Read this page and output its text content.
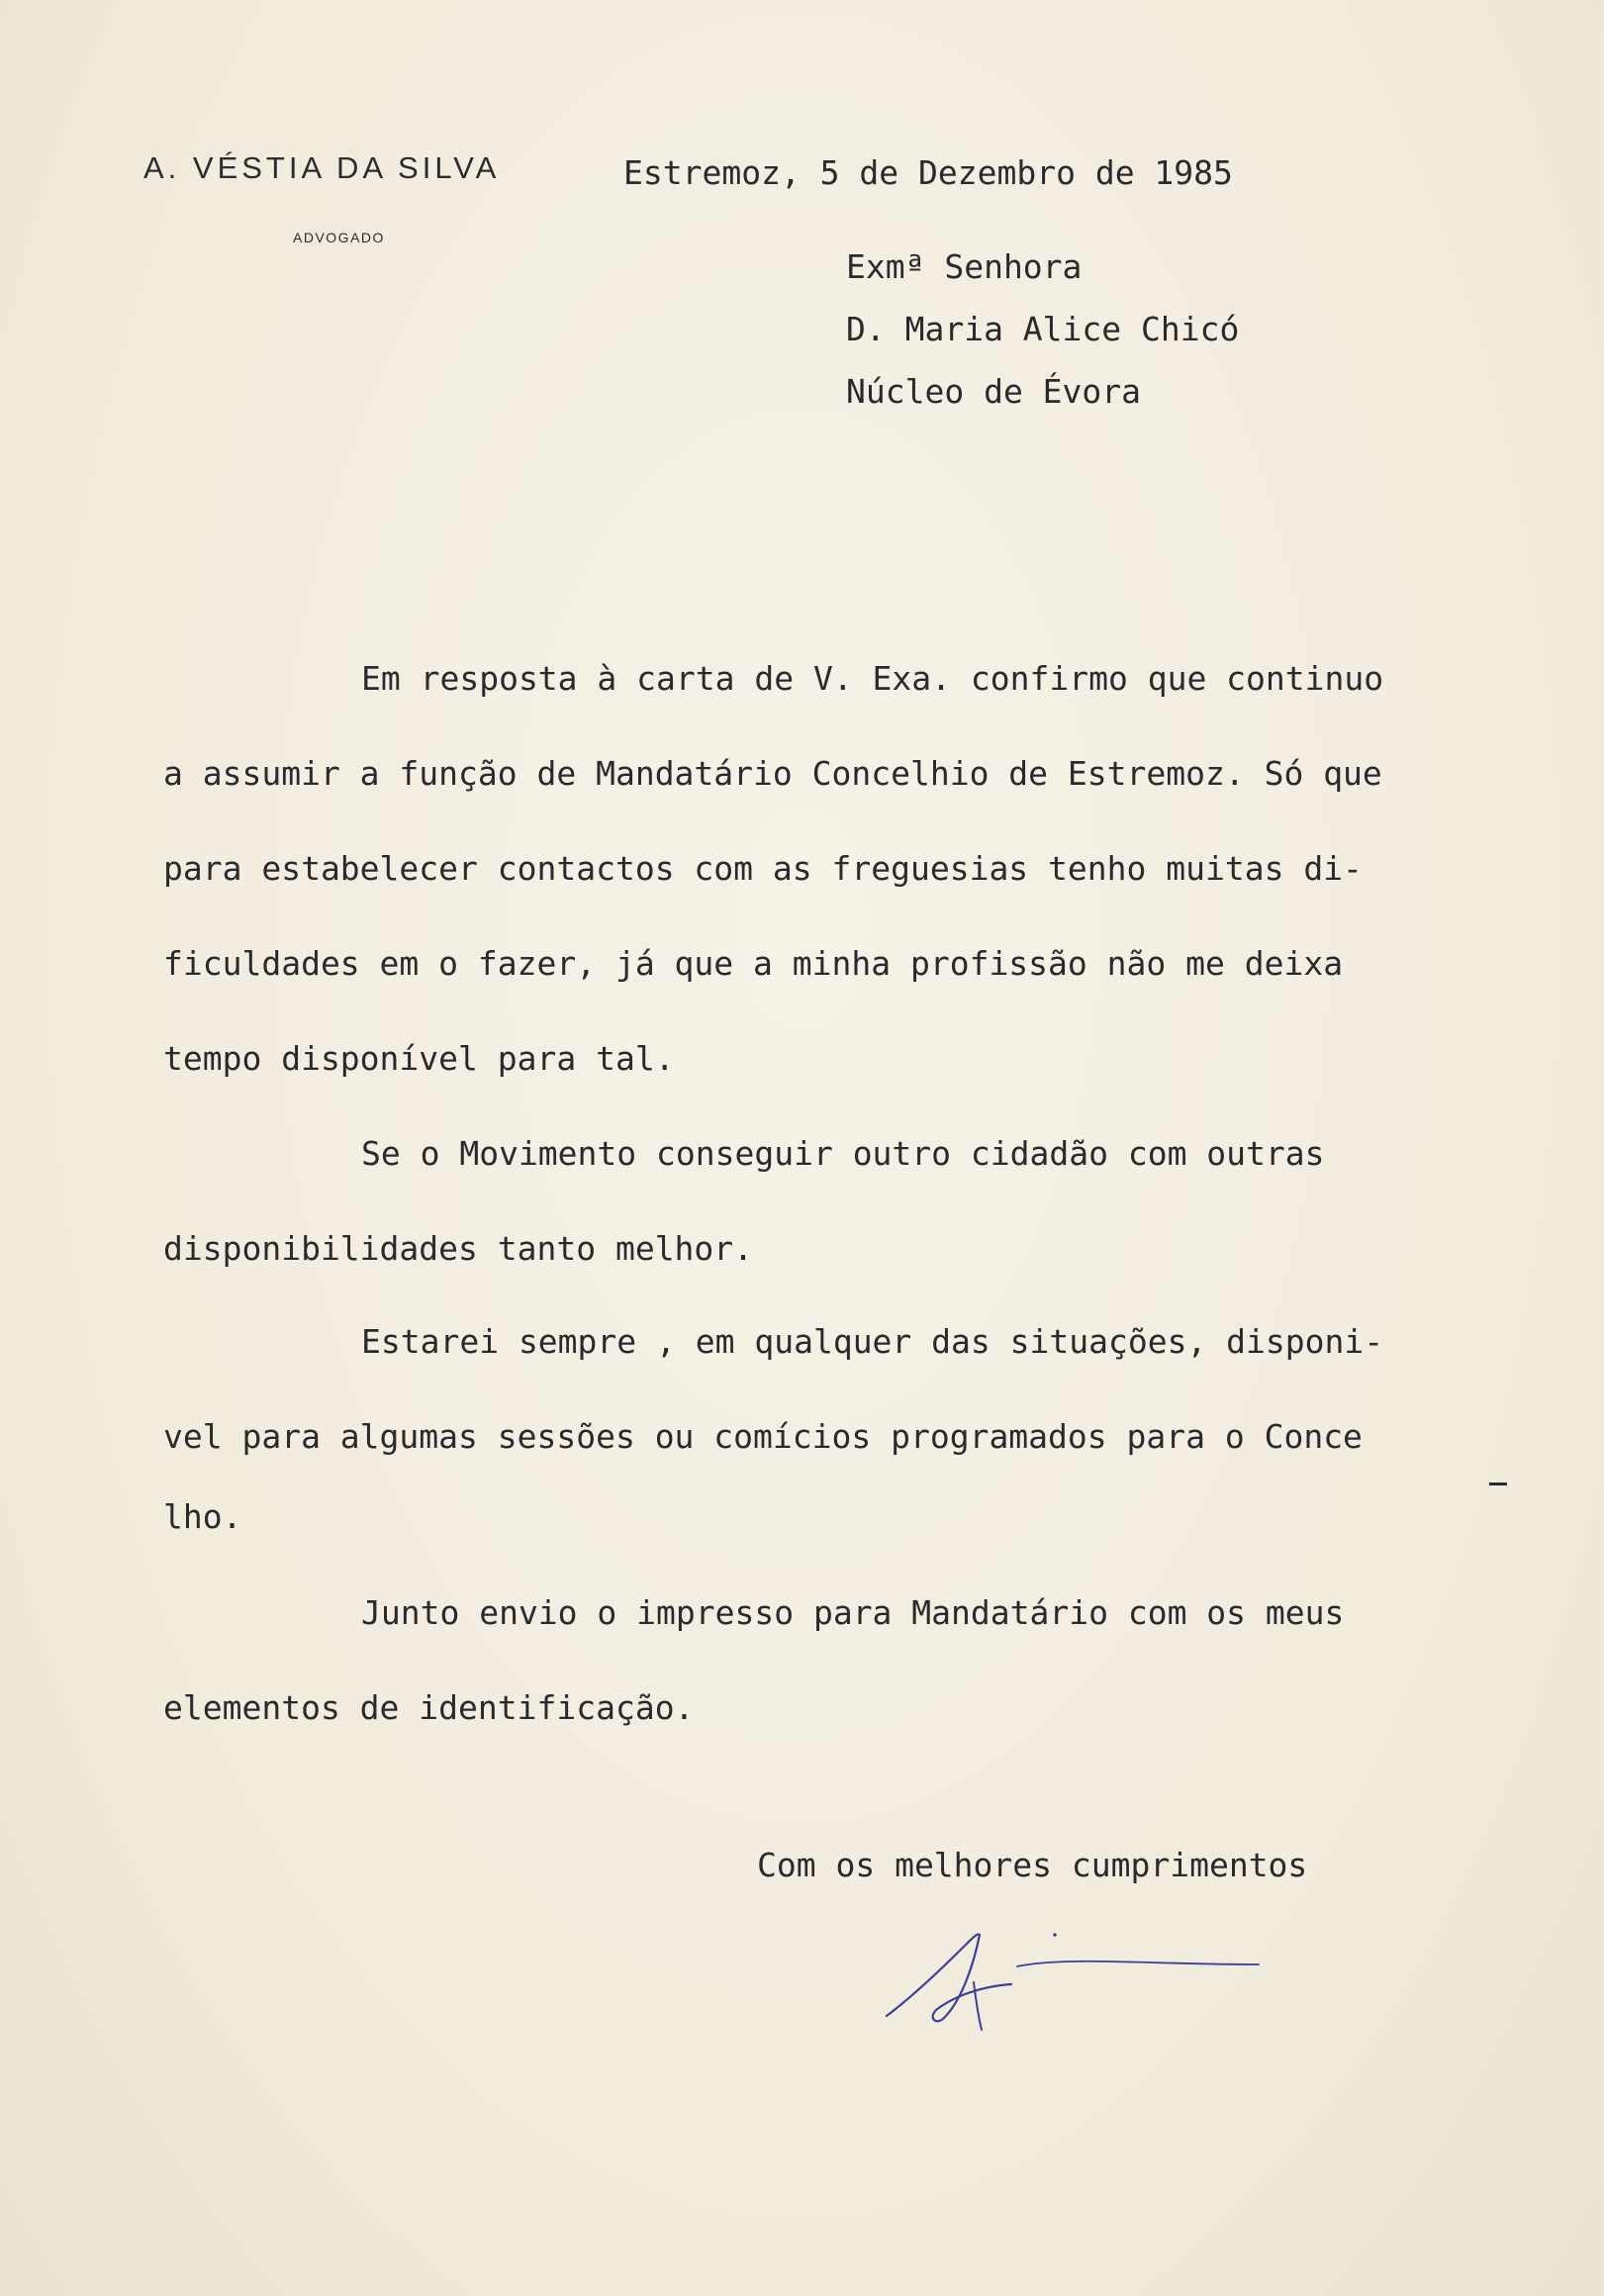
A. VÉSTIA DA SILVA
ADVOGADO
Estremoz, 5 de Dezembro de 1985
Exmª Senhora
D. Maria Alice Chicó
Núcleo de Évora
Em resposta à carta de V. Exa. confirmo que continuo
a assumir a função de Mandatário Concelhio de Estremoz. Só que
para estabelecer contactos com as freguesias tenho muitas di-
ficuldades em o fazer, já que a minha profissão não me deixa
tempo disponível para tal.
Se o Movimento conseguir outro cidadão com outras
disponibilidades tanto melhor.
Estarei sempre , em qualquer das situações, disponi-
vel para algumas sessões ou comícios programados para o Conce
lho.
Junto envio o impresso para Mandatário com os meus
elementos de identificação.
Com os melhores cumprimentos
